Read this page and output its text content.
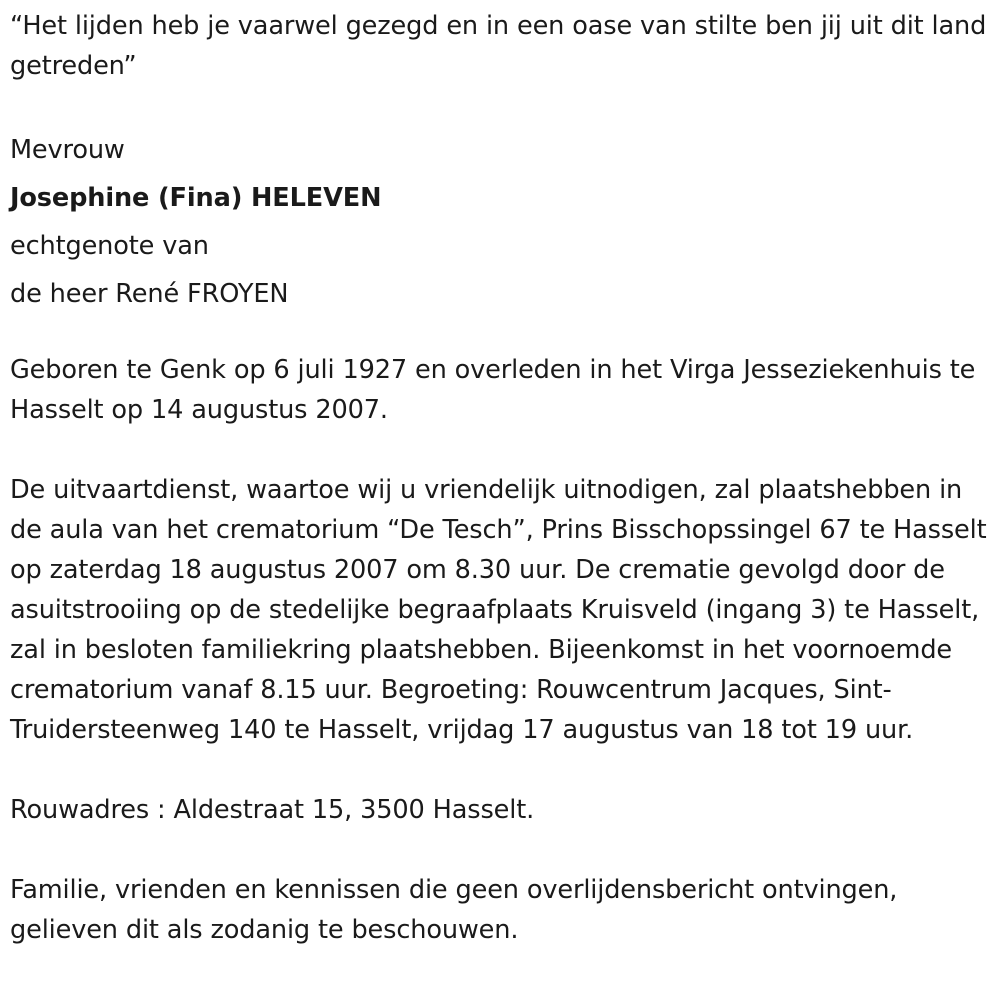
“Het lijden heb je vaarwel gezegd en in een oase van stilte ben jij uit dit land getreden”

Mevrouw

Josephine (Fina) HELEVEN

echtgenote van

de heer René FROYEN

Geboren te Genk op 6 juli 1927 en overleden in het Virga Jesseziekenhuis te Hasselt op 14 augustus 2007.

De uitvaartdienst, waartoe wij u vriendelijk uitnodigen, zal plaatshebben in de aula van het crematorium “De Tesch”, Prins Bisschopssingel 67 te Hasselt op zaterdag 18 augustus 2007 om 8.30 uur. De crematie gevolgd door de asuitstrooiing op de stedelijke begraafplaats Kruisveld (ingang 3) te Hasselt, zal in besloten familiekring plaatshebben. Bijeenkomst in het voornoemde crematorium vanaf 8.15 uur. Begroeting: Rouwcentrum Jacques, Sint-Truidersteenweg 140 te Hasselt, vrijdag 17 augustus van 18 tot 19 uur.

Rouwadres : Aldestraat 15, 3500 Hasselt.

Familie, vrienden en kennissen die geen overlijdensbericht ontvingen, gelieven dit als zodanig te beschouwen.
